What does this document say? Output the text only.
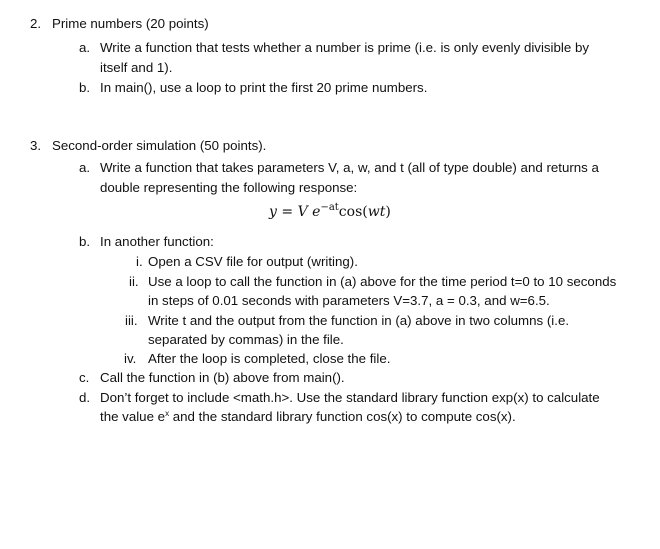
2. Prime numbers (20 points)
a. Write a function that tests whether a number is prime (i.e. is only evenly divisible by
itself and 1).
b. In main(), use a loop to print the first 20 prime numbers.
3. Second-order simulation (50 points).
a. Write a function that takes parameters V, a, w, and t (all of type double) and returns a
double representing the following response:
y = V $e^{-at}\cos(wt)$
b. In another function:
i. Open a CSV file for output (writing).
ii. Use a loop to call the function in (a) above for the time period t=0 to 10 seconds
in steps of 0.01 seconds with parameters V=3.7, a = 0.3, and w=6.5.
iii. Write t and the output from the function in (a) above in two columns (i.e.
separated by commas) in the file.
iv. After the loop is completed, close the file.
c. Call the function in (b) above from main().
d. Don’t forget to include <math.h>. Use the standard library function exp(x) to calculate
the value $e^x$ and the standard library function cos(x) to compute cos(x).
